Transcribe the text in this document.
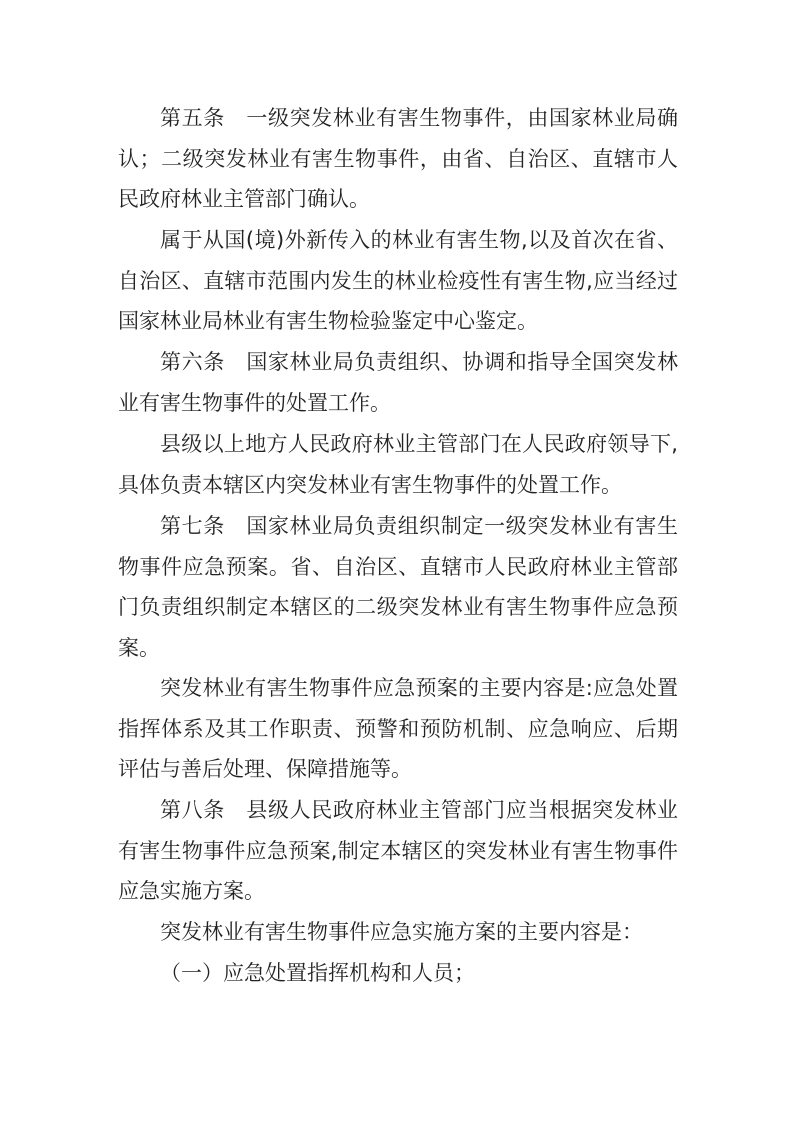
第五条　一级突发林业有害生物事件，由国家林业局确认；二级突发林业有害生物事件，由省、自治区、直辖市人民政府林业主管部门确认。

属于从国(境)外新传入的林业有害生物,以及首次在省、自治区、直辖市范围内发生的林业检疫性有害生物,应当经过国家林业局林业有害生物检验鉴定中心鉴定。

第六条　国家林业局负责组织、协调和指导全国突发林业有害生物事件的处置工作。

县级以上地方人民政府林业主管部门在人民政府领导下,具体负责本辖区内突发林业有害生物事件的处置工作。

第七条　国家林业局负责组织制定一级突发林业有害生物事件应急预案。省、自治区、直辖市人民政府林业主管部门负责组织制定本辖区的二级突发林业有害生物事件应急预案。

突发林业有害生物事件应急预案的主要内容是:应急处置指挥体系及其工作职责、预警和预防机制、应急响应、后期评估与善后处理、保障措施等。

第八条　县级人民政府林业主管部门应当根据突发林业有害生物事件应急预案,制定本辖区的突发林业有害生物事件应急实施方案。

突发林业有害生物事件应急实施方案的主要内容是：

（一）应急处置指挥机构和人员；
